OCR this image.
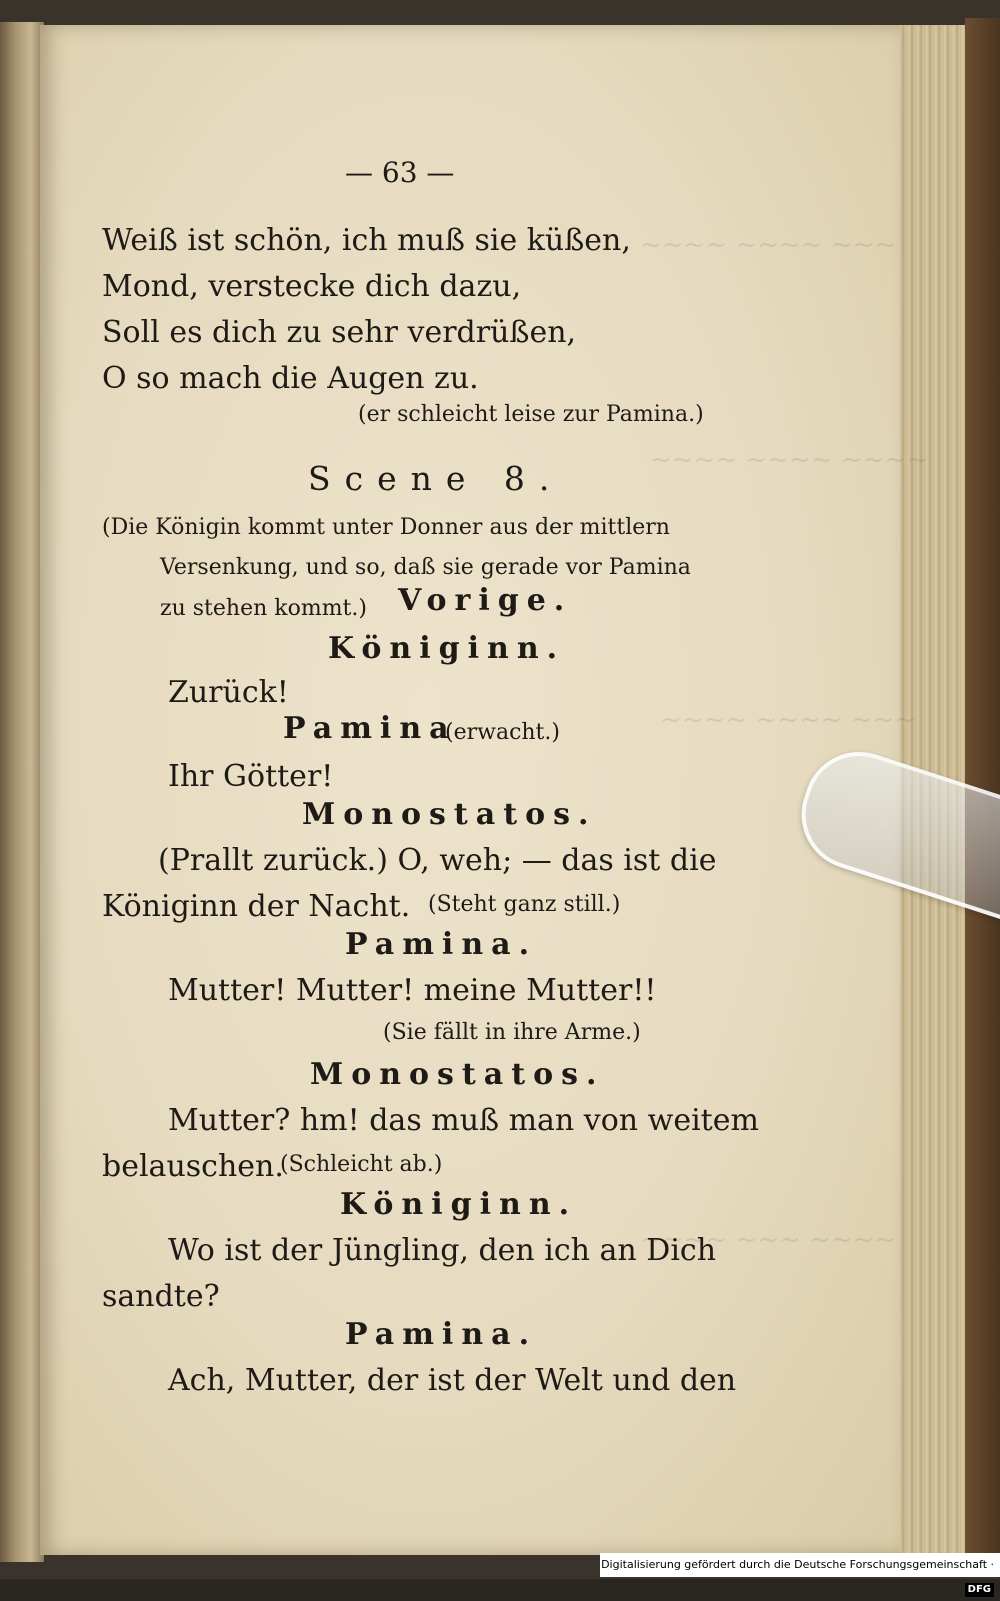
~~~~ ~~~~ ~~~
~~~~ ~~~~ ~~~~
~~~~ ~~~~ ~~~
~~~~ ~~~ ~~~~
— 63 —
Weiß ist schön, ich muß sie küßen,
Mond, verstecke dich dazu,
Soll es dich zu sehr verdrüßen,
O so mach die Augen zu.
(er schleicht leise zur Pamina.)
Scene 8.
(Die Königin kommt unter Donner aus der mittlern
Versenkung, und so, daß sie gerade vor Pamina
zu stehen kommt.) Vorige.
Königinn.
Zurück!
Pamina
(erwacht.)
Ihr Götter!
Monostatos.
(Prallt zurück.) O, weh; — das ist die
Königinn der Nacht. (Steht ganz still.)
Pamina.
Mutter! Mutter! meine Mutter!!
(Sie fällt in ihre Arme.)
Monostatos.
Mutter? hm! das muß man von weitem
belauschen.
(Schleicht ab.)
Königinn.
Wo ist der Jüngling, den ich an Dich
sandte?
Pamina.
Ach, Mutter, der ist der Welt und den
Digitalisierung gefördert durch die Deutsche Forschungsgemeinschaft · DFG
